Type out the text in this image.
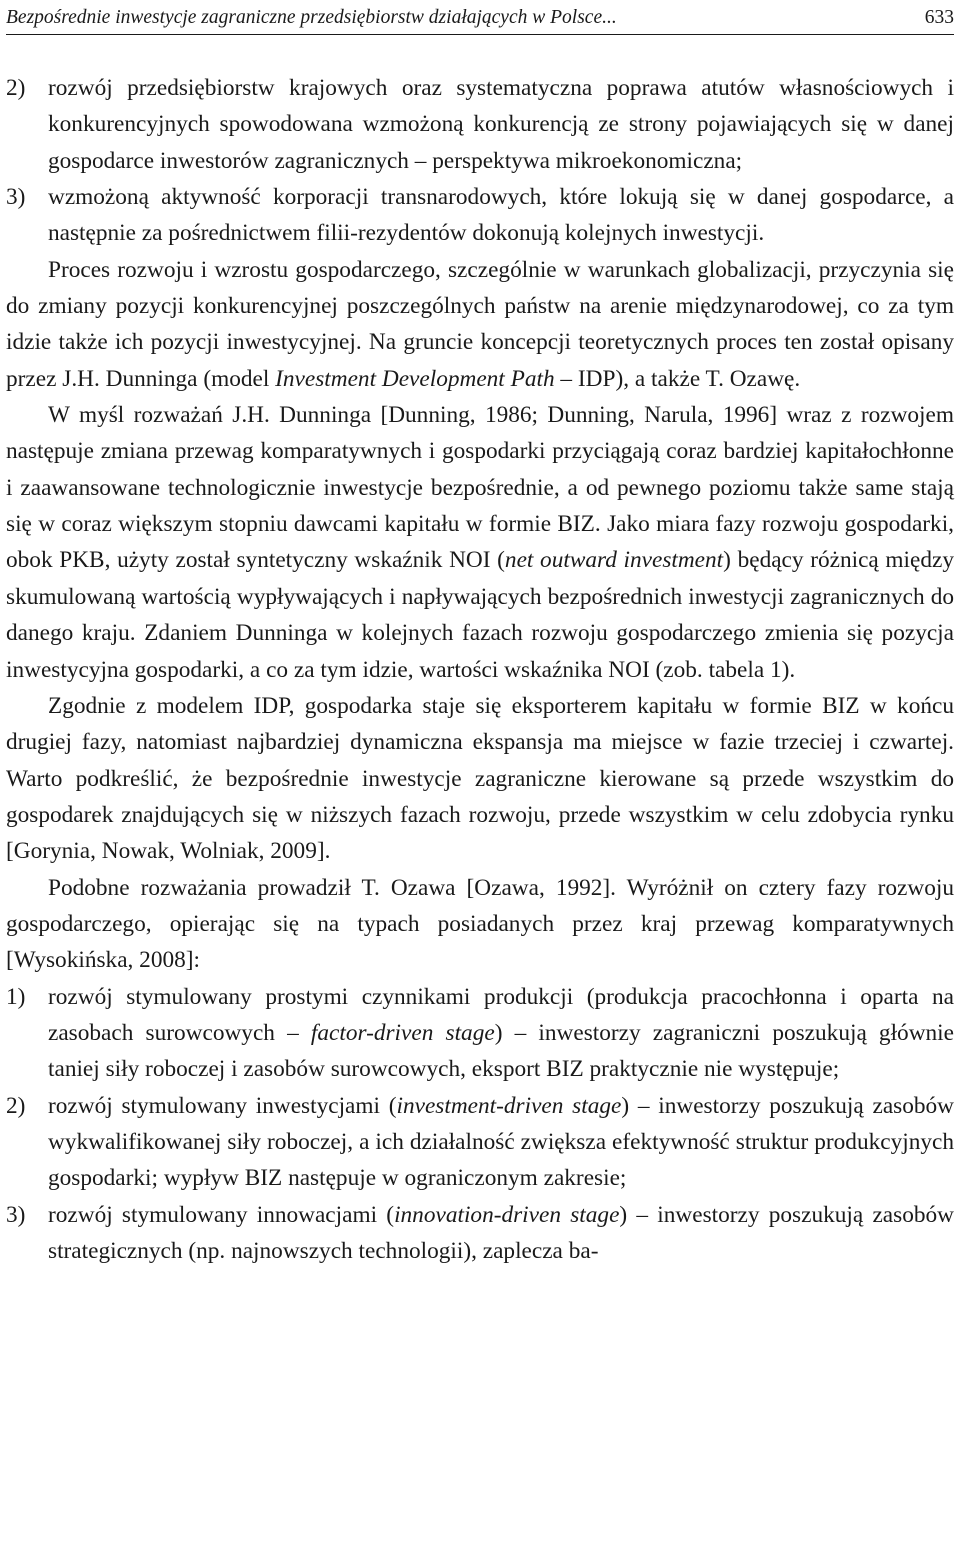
Bezpośrednie inwestycje zagraniczne przedsiębiorstw działających w Polsce...	633
2) rozwój przedsiębiorstw krajowych oraz systematyczna poprawa atutów własnościowych i konkurencyjnych spowodowana wzmożoną konkurencją ze strony pojawiających się w danej gospodarce inwestorów zagranicznych – perspektywa mikroekonomiczna;
3) wzmożoną aktywność korporacji transnarodowych, które lokują się w danej gospodarce, a następnie za pośrednictwem filii-rezydentów dokonują kolejnych inwestycji.

Proces rozwoju i wzrostu gospodarczego, szczególnie w warunkach globalizacji, przyczynia się do zmiany pozycji konkurencyjnej poszczególnych państw na arenie międzynarodowej, co za tym idzie także ich pozycji inwestycyjnej. Na gruncie koncepcji teoretycznych proces ten został opisany przez J.H. Dunninga (model Investment Development Path – IDP), a także T. Ozawę.

W myśl rozważań J.H. Dunninga [Dunning, 1986; Dunning, Narula, 1996] wraz z rozwojem następuje zmiana przewag komparatywnych i gospodarki przyciągają coraz bardziej kapitałochłonne i zaawansowane technologicznie inwestycje bezpośrednie, a od pewnego poziomu także same stają się w coraz większym stopniu dawcami kapitału w formie BIZ. Jako miara fazy rozwoju gospodarki, obok PKB, użyty został syntetyczny wskaźnik NOI (net outward investment) będący różnicą między skumulowaną wartością wypływających i napływających bezpośrednich inwestycji zagranicznych do danego kraju. Zdaniem Dunninga w kolejnych fazach rozwoju gospodarczego zmienia się pozycja inwestycyjna gospodarki, a co za tym idzie, wartości wskaźnika NOI (zob. tabela 1).

Zgodnie z modelem IDP, gospodarka staje się eksporterem kapitału w formie BIZ w końcu drugiej fazy, natomiast najbardziej dynamiczna ekspansja ma miejsce w fazie trzeciej i czwartej. Warto podkreślić, że bezpośrednie inwestycje zagraniczne kierowane są przede wszystkim do gospodarek znajdujących się w niższych fazach rozwoju, przede wszystkim w celu zdobycia rynku [Gorynia, Nowak, Wolniak, 2009].

Podobne rozważania prowadził T. Ozawa [Ozawa, 1992]. Wyróżnił on cztery fazy rozwoju gospodarczego, opierając się na typach posiadanych przez kraj przewag komparatywnych [Wysokińska, 2008]:

1) rozwój stymulowany prostymi czynnikami produkcji (produkcja pracochłonna i oparta na zasobach surowcowych – factor-driven stage) – inwestorzy zagraniczni poszukują głównie taniej siły roboczej i zasobów surowcowych, eksport BIZ praktycznie nie występuje;
2) rozwój stymulowany inwestycjami (investment-driven stage) – inwestorzy poszukują zasobów wykwalifikowanej siły roboczej, a ich działalność zwiększa efektywność struktur produkcyjnych gospodarki; wypływ BIZ następuje w ograniczonym zakresie;
3) rozwój stymulowany innowacjami (innovation-driven stage) – inwestorzy poszukują zasobów strategicznych (np. najnowszych technologii), zaplecza ba-
